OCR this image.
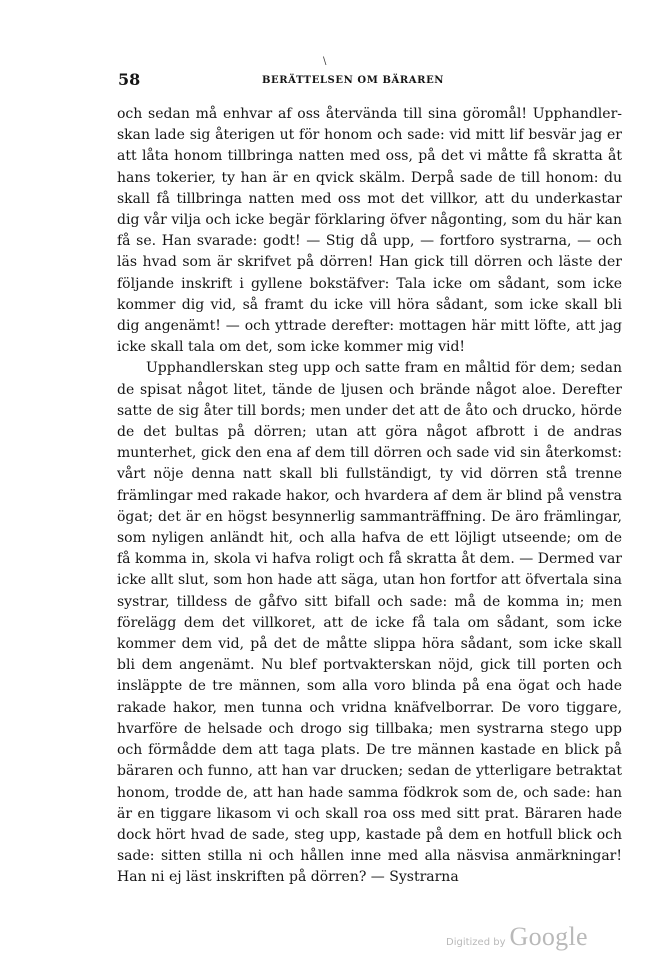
\
58	BERÄTTELSEN OM BÄRAREN

och sedan må enhvar af oss återvända till sina göromål! Upphandler-skan lade sig återigen ut för honom och sade: vid mitt lif besvär jag er att låta honom tillbringa natten med oss, på det vi måtte få skratta åt hans tokerier, ty han är en qvick skälm. Derpå sade de till honom: du skall få tillbringa natten med oss mot det villkor, att du underkastar dig vår vilja och icke begär förklaring öfver någonting, som du här kan få se. Han svarade: godt! — Stig då upp, — fortforo systrarna, — och läs hvad som är skrifvet på dörren! Han gick till dörren och läste der följande inskrift i gyllene bokstäfver: Tala icke om sådant, som icke kommer dig vid, så framt du icke vill höra sådant, som icke skall bli dig angenämt! — och yttrade derefter: mottagen här mitt löfte, att jag icke skall tala om det, som icke kommer mig vid!

Upphandlerskan steg upp och satte fram en måltid för dem; sedan de spisat något litet, tände de ljusen och brände något aloe. Derefter satte de sig åter till bords; men under det att de åto och drucko, hörde de det bultas på dörren; utan att göra något afbrott i de andras munterhet, gick den ena af dem till dörren och sade vid sin återkomst: vårt nöje denna natt skall bli fullständigt, ty vid dörren stå trenne främlingar med rakade hakor, och hvardera af dem är blind på venstra ögat; det är en högst besynnerlig sammanträffning. De äro främlingar, som nyligen anländt hit, och alla hafva de ett löjligt utseende; om de få komma in, skola vi hafva roligt och få skratta åt dem. — Dermed var icke allt slut, som hon hade att säga, utan hon fortfor att öfvertala sina systrar, tilldess de gåfvo sitt bifall och sade: må de komma in; men förelägg dem det villkoret, att de icke få tala om sådant, som icke kommer dem vid, på det de måtte slippa höra sådant, som icke skall bli dem angenämt. Nu blef portvakterskan nöjd, gick till porten och insläppte de tre männen, som alla voro blinda på ena ögat och hade rakade hakor, men tunna och vridna knäfvelborrar. De voro tiggare, hvarföre de helsade och drogo sig tillbaka; men systrarna stego upp och förmådde dem att taga plats. De tre männen kastade en blick på bäraren och funno, att han var drucken; sedan de ytterligare betraktat honom, trodde de, att han hade samma födkrok som de, och sade: han är en tiggare likasom vi och skall roa oss med sitt prat. Bäraren hade dock hört hvad de sade, steg upp, kastade på dem en hotfull blick och sade: sitten stilla ni och hållen inne med alla näsvisa anmärkningar! Han ni ej läst inskriften på dörren? — Systrarna

Digitized by Google
